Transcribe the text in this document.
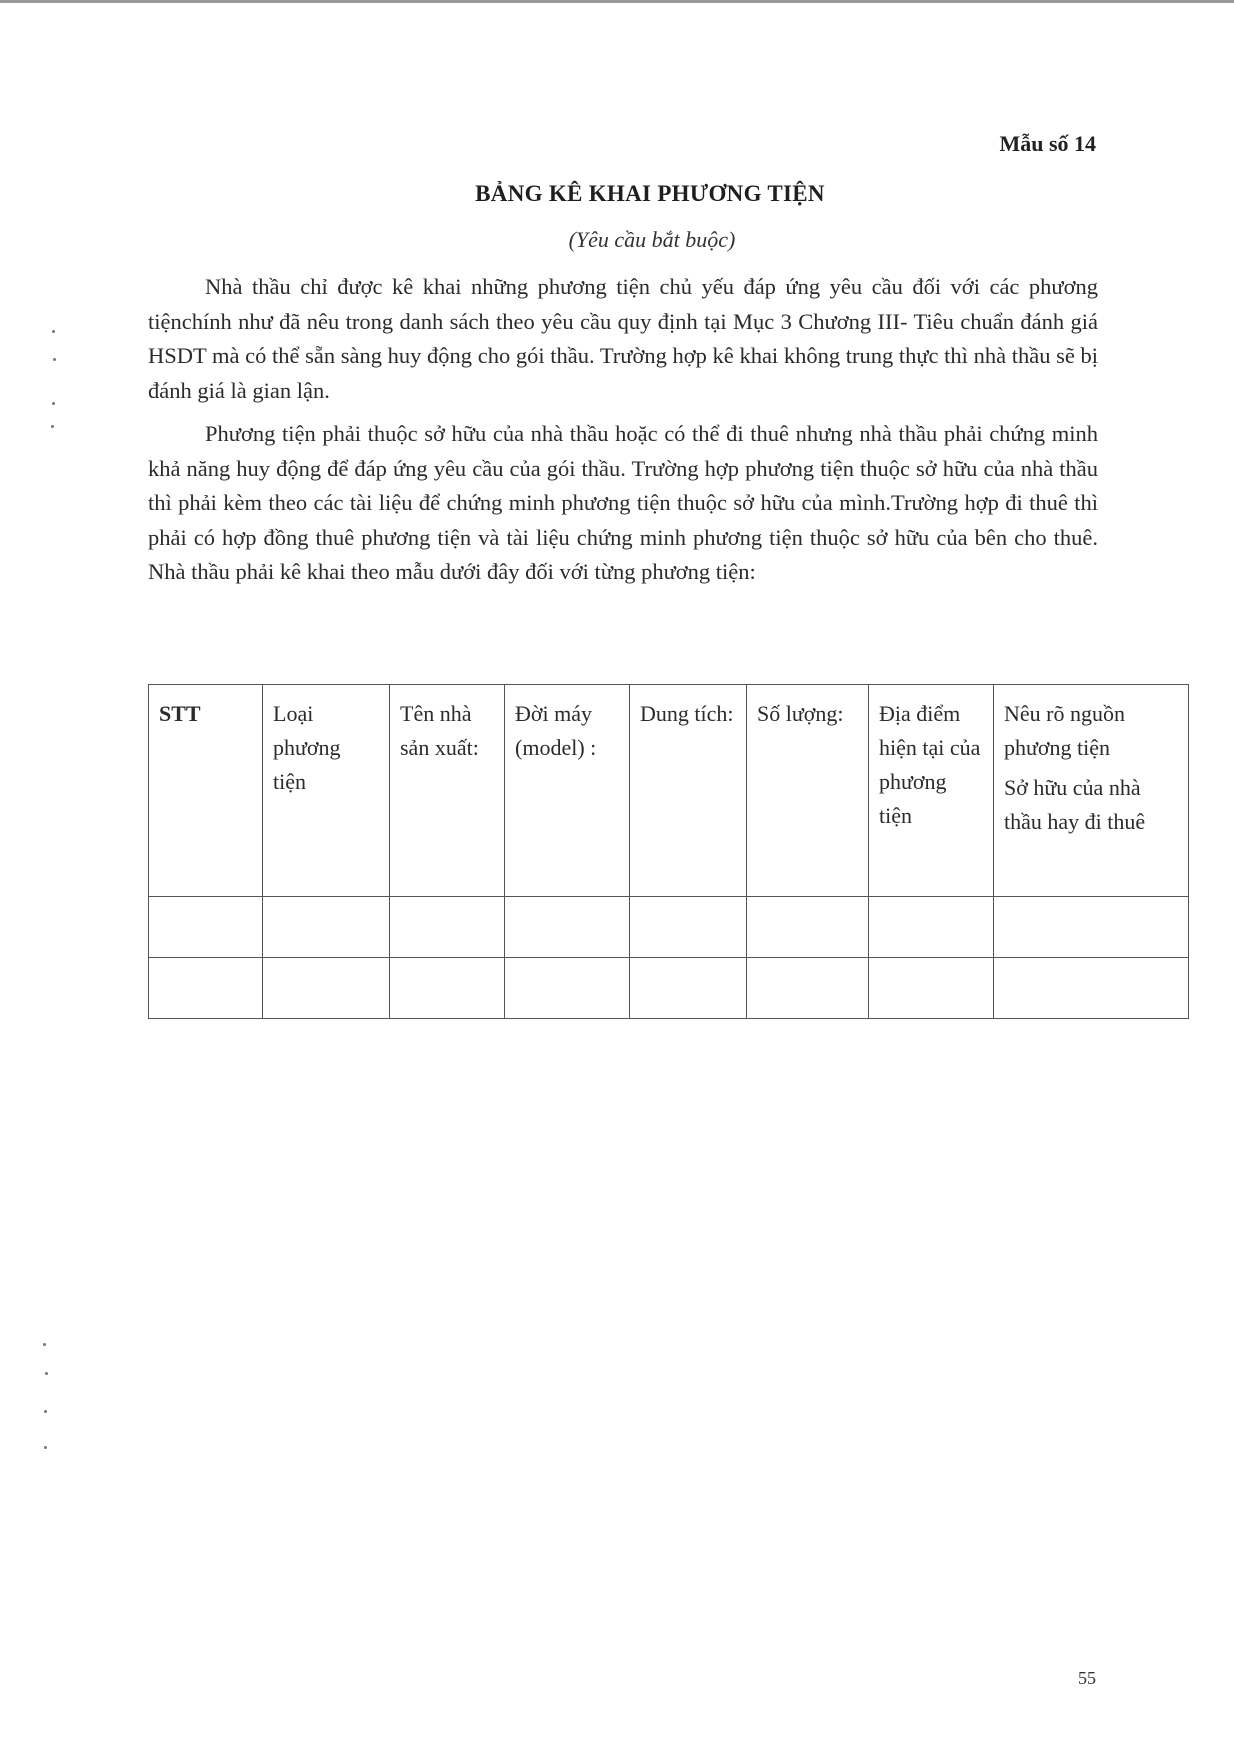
Mẫu số 14
BẢNG KÊ KHAI PHƯƠNG TIỆN
(Yêu cầu bắt buộc)

Nhà thầu chỉ được kê khai những phương tiện chủ yếu đáp ứng yêu cầu đối với các phương tiệnchính như đã nêu trong danh sách theo yêu cầu quy định tại Mục 3 Chương III- Tiêu chuẩn đánh giá HSDT mà có thể sẵn sàng huy động cho gói thầu. Trường hợp kê khai không trung thực thì nhà thầu sẽ bị đánh giá là gian lận.

Phương tiện phải thuộc sở hữu của nhà thầu hoặc có thể đi thuê nhưng nhà thầu phải chứng minh khả năng huy động để đáp ứng yêu cầu của gói thầu. Trường hợp phương tiện thuộc sở hữu của nhà thầu thì phải kèm theo các tài liệu để chứng minh phương tiện thuộc sở hữu của mình.Trường hợp đi thuê thì phải có hợp đồng thuê phương tiện và tài liệu chứng minh phương tiện thuộc sở hữu của bên cho thuê. Nhà thầu phải kê khai theo mẫu dưới đây đối với từng phương tiện:

STT	Loại phương tiện	Tên nhà sản xuất:	Đời máy (model) :	Dung tích:	Số lượng:	Địa điểm hiện tại của phương tiện	Nêu rõ nguồn phương tiện
Sở hữu của nhà thầu hay đi thuê

55
